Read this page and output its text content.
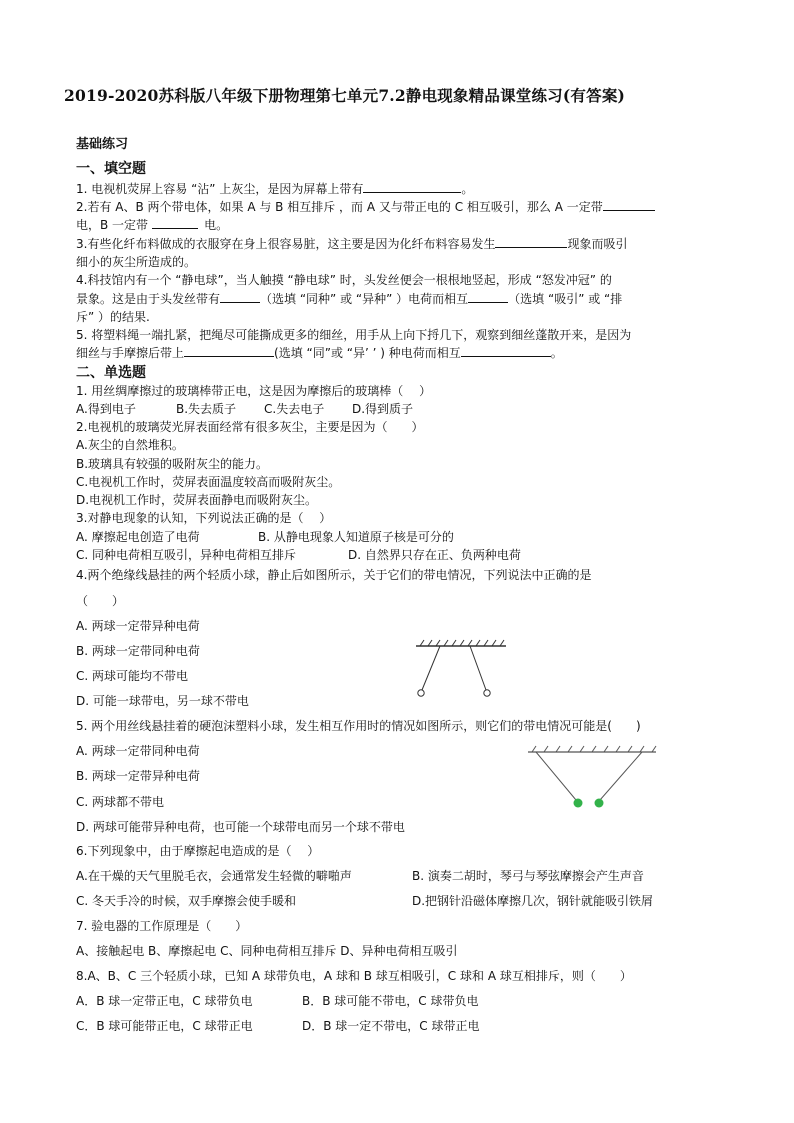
2019-2020苏科版八年级下册物理第七单元7.2静电现象精品课堂练习(有答案)
基础练习
一、填空题
1. 电视机荧屏上容易 “沾” 上灰尘，是因为屏幕上带有	。
2.若有 A、B 两个带电体，如果 A 与 B 相互排斥 ，而 A 又与带正电的 C 相互吸引，那么 A 一定带
电，B 一定带	电。
3.有些化纤布料做成的衣服穿在身上很容易脏，这主要是因为化纤布料容易发生	现象而吸引
细小的灰尘所造成的。
4.科技馆内有一个 “静电球”，当人触摸 “静电球” 时，头发丝便会一根根地竖起，形成 “怒发冲冠” 的
景象。这是由于头发丝带有	（选填 “同种” 或 “异种” ）电荷而相互	（选填 “吸引” 或 “排
斥” ）的结果.
5. 将塑料绳一端扎紧，把绳尽可能撕成更多的细丝，用手从上向下捋几下，观察到细丝蓬散开来，是因为
细丝与手摩擦后带上	(选填 “同”或 “异’ ’ ) 种电荷而相互	。
二、单选题
1. 用丝绸摩擦过的玻璃棒带正电，这是因为摩擦后的玻璃棒（　 ）
A.得到电子	B.失去质子 C.失去电子 D.得到质子
2.电视机的玻璃荧光屏表面经常有很多灰尘，主要是因为（　　）
A.灰尘的自然堆积。
B.玻璃具有较强的吸附灰尘的能力。
C.电视机工作时，荧屏表面温度较高而吸附灰尘。
D.电视机工作时，荧屏表面静电而吸附灰尘。
3.对静电现象的认知，下列说法正确的是（　 ）
A. 摩擦起电创造了电荷	B. 从静电现象人知道原子核是可分的
C. 同种电荷相互吸引，异种电荷相互排斥	D. 自然界只存在正、负两种电荷
4.两个绝缘线悬挂的两个轻质小球，静止后如图所示，关于它们的带电情况，下列说法中正确的是
（　　）
A. 两球一定带异种电荷
B. 两球一定带同种电荷
C. 两球可能均不带电
D. 可能一球带电，另一球不带电
5. 两个用丝线悬挂着的硬泡沫塑料小球，发生相互作用时的情况如图所示，则它们的带电情况可能是(　　)
A. 两球一定带同种电荷
B. 两球一定带异种电荷
C. 两球都不带电
D. 两球可能带异种电荷，也可能一个球带电而另一个球不带电
6.下列现象中，由于摩擦起电造成的是（　 ）
A.在干燥的天气里脱毛衣，会通常发生轻微的噼啪声	B. 演奏二胡时，琴弓与琴弦摩擦会产生声音
C. 冬天手冷的时候，双手摩擦会使手暖和	D.把钢针沿磁体摩擦几次，钢针就能吸引铁屑
7. 验电器的工作原理是（　　）
A、接触起电 B、摩擦起电 C、同种电荷相互排斥 D、异种电荷相互吸引
8.A、B、C 三个轻质小球，已知 A 球带负电，A 球和 B 球互相吸引，C 球和 A 球互相排斥，则（　　）
A．B 球一定带正电，C 球带负电	B．B 球可能不带电，C 球带负电
C．B 球可能带正电，C 球带正电	D．B 球一定不带电，C 球带正电
